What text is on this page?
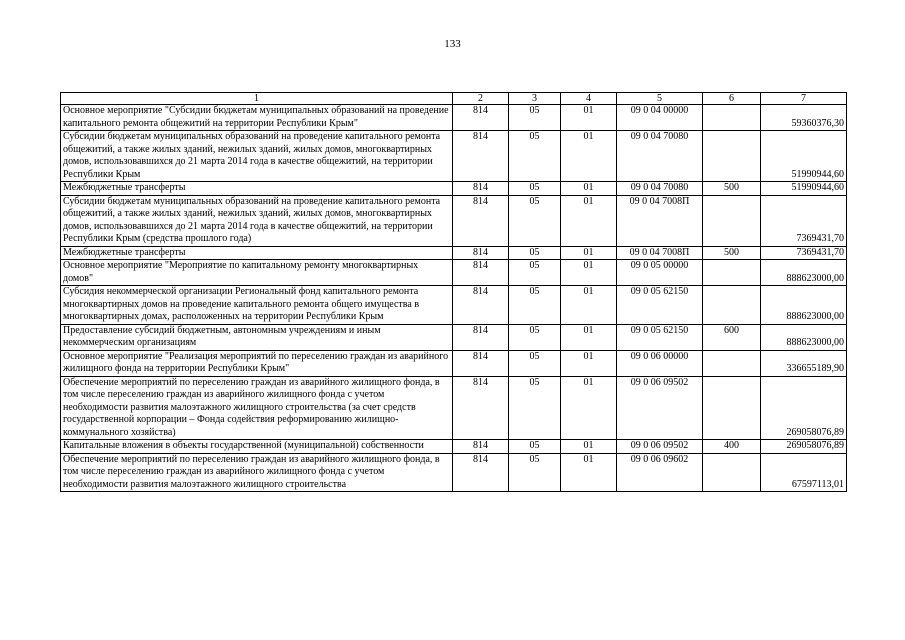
133
1	2	3	4	5	6	7
Основное мероприятие "Субсидии бюджетам муниципальных образований на проведение капитального ремонта общежитий на территории Республики Крым"	814	05	01	09 0 04 00000		59360376,30
Субсидии бюджетам муниципальных образований на проведение капитального ремонта общежитий, а также жилых зданий, нежилых зданий, жилых домов, многоквартирных домов, использовавшихся до 21 марта 2014 года в качестве общежитий, на территории Республики Крым	814	05	01	09 0 04 70080		51990944,60
Межбюджетные трансферты	814	05	01	09 0 04 70080	500	51990944,60
Субсидии бюджетам муниципальных образований на проведение капитального ремонта общежитий, а также жилых зданий, нежилых зданий, жилых домов, многоквартирных домов, использовавшихся до 21 марта 2014 года в качестве общежитий, на территории Республики Крым (средства прошлого года)	814	05	01	09 0 04 7008П		7369431,70
Межбюджетные трансферты	814	05	01	09 0 04 7008П	500	7369431,70
Основное мероприятие "Мероприятие по капитальному ремонту многоквартирных домов"	814	05	01	09 0 05 00000		888623000,00
Субсидия некоммерческой организации Региональный фонд капитального ремонта многоквартирных домов на проведение капитального ремонта общего имущества в многоквартирных домах, расположенных на территории Республики Крым	814	05	01	09 0 05 62150		888623000,00
Предоставление субсидий бюджетным, автономным учреждениям и иным некоммерческим организациям	814	05	01	09 0 05 62150	600	888623000,00
Основное мероприятие "Реализация мероприятий по переселению граждан из аварийного жилищного фонда на территории Республики Крым"	814	05	01	09 0 06 00000		336655189,90
Обеспечение мероприятий по переселению граждан из аварийного жилищного фонда, в том числе переселению граждан из аварийного жилищного фонда с учетом необходимости развития малоэтажного жилищного строительства (за счет средств государственной корпорации – Фонда содействия реформированию жилищно-коммунального хозяйства)	814	05	01	09 0 06 09502		269058076,89
Капитальные вложения в объекты государственной (муниципальной) собственности	814	05	01	09 0 06 09502	400	269058076,89
Обеспечение мероприятий по переселению граждан из аварийного жилищного фонда, в том числе переселению граждан из аварийного жилищного фонда с учетом необходимости развития малоэтажного жилищного строительства	814	05	01	09 0 06 09602		67597113,01
